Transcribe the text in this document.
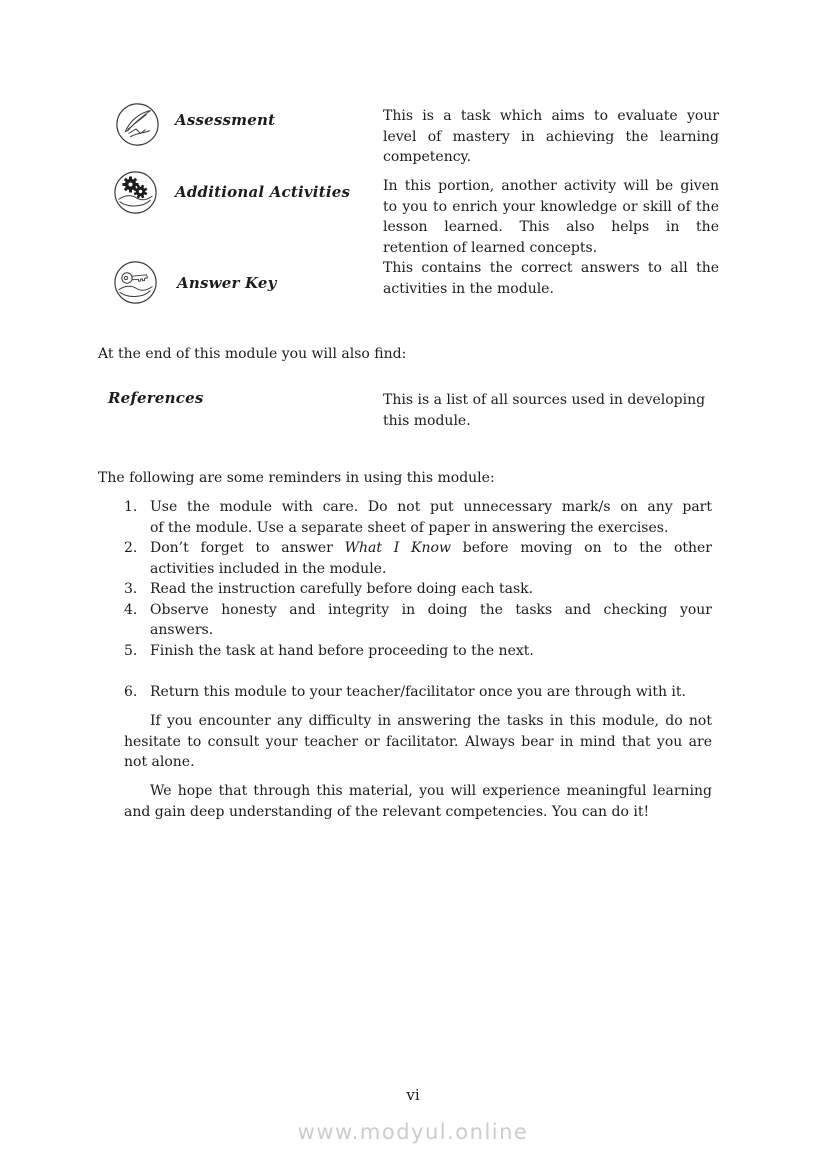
Assessment
Additional Activities
Answer Key
This is a task which aims to evaluate your
level of mastery in achieving the learning
competency.
In this portion, another activity will be given
to you to enrich your knowledge or skill of the
lesson learned. This also helps in the
retention of learned concepts.
This contains the correct answers to all the
activities in the module.
At the end of this module you will also find:
References	This is a list of all sources used in developing
this module.
The following are some reminders in using this module:
1. Use the module with care. Do not put unnecessary mark/s on any part
of the module. Use a separate sheet of paper in answering the exercises.
2. Don’t forget to answer What I Know before moving on to the other
activities included in the module.
3. Read the instruction carefully before doing each task.
4. Observe honesty and integrity in doing the tasks and checking your
answers.
5. Finish the task at hand before proceeding to the next.
6. Return this module to your teacher/facilitator once you are through with it.
If you encounter any difficulty in answering the tasks in this module, do not
hesitate to consult your teacher or facilitator. Always bear in mind that you are
not alone.
We hope that through this material, you will experience meaningful learning
and gain deep understanding of the relevant competencies. You can do it!
vi
www.modyul.online
